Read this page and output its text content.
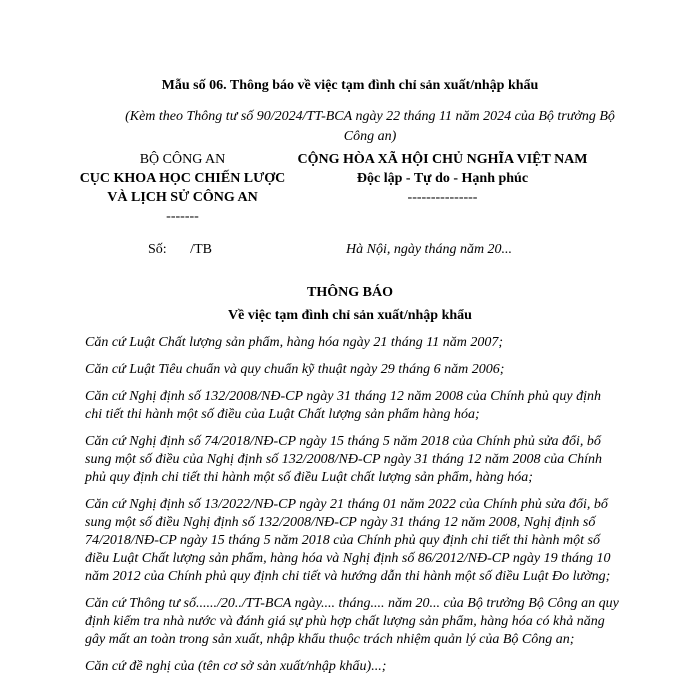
Mẫu số 06. Thông báo về việc tạm đình chỉ sản xuất/nhập khẩu
(Kèm theo Thông tư số 90/2024/TT-BCA ngày 22 tháng 11 năm 2024 của Bộ trưởng Bộ Công an)
BỘ CÔNG AN
CỤC KHOA HỌC CHIẾN LƯỢC VÀ LỊCH SỬ CÔNG AN
-------
CỘNG HÒA XÃ HỘI CHỦ NGHĨA VIỆT NAM
Độc lập - Tự do - Hạnh phúc
---------------
Số: /TB	Hà Nội, ngày tháng năm 20...
THÔNG BÁO
Về việc tạm đình chỉ sản xuất/nhập khẩu

Căn cứ Luật Chất lượng sản phẩm, hàng hóa ngày 21 tháng 11 năm 2007;

Căn cứ Luật Tiêu chuẩn và quy chuẩn kỹ thuật ngày 29 tháng 6 năm 2006;

Căn cứ Nghị định số 132/2008/NĐ-CP ngày 31 tháng 12 năm 2008 của Chính phủ quy định chi tiết thi hành một số điều của Luật Chất lượng sản phẩm hàng hóa;

Căn cứ Nghị định số 74/2018/NĐ-CP ngày 15 tháng 5 năm 2018 của Chính phủ sửa đổi, bổ sung một số điều của Nghị định số 132/2008/NĐ-CP ngày 31 tháng 12 năm 2008 của Chính phủ quy định chi tiết thi hành một số điều Luật chất lượng sản phẩm, hàng hóa;

Căn cứ Nghị định số 13/2022/NĐ-CP ngày 21 tháng 01 năm 2022 của Chính phủ sửa đổi, bổ sung một số điều Nghị định số 132/2008/NĐ-CP ngày 31 tháng 12 năm 2008, Nghị định số 74/2018/NĐ-CP ngày 15 tháng 5 năm 2018 của Chính phủ quy định chi tiết thi hành một số điều Luật Chất lượng sản phẩm, hàng hóa và Nghị định số 86/2012/NĐ-CP ngày 19 tháng 10 năm 2012 của Chính phủ quy định chi tiết và hướng dẫn thi hành một số điều Luật Đo lường;

Căn cứ Thông tư số....../20../TT-BCA ngày.... tháng.... năm 20... của Bộ trưởng Bộ Công an quy định kiểm tra nhà nước và đánh giá sự phù hợp chất lượng sản phẩm, hàng hóa có khả năng gây mất an toàn trong sản xuất, nhập khẩu thuộc trách nhiệm quản lý của Bộ Công an;

Căn cứ đề nghị của (tên cơ sở sản xuất/nhập khẩu)...;
